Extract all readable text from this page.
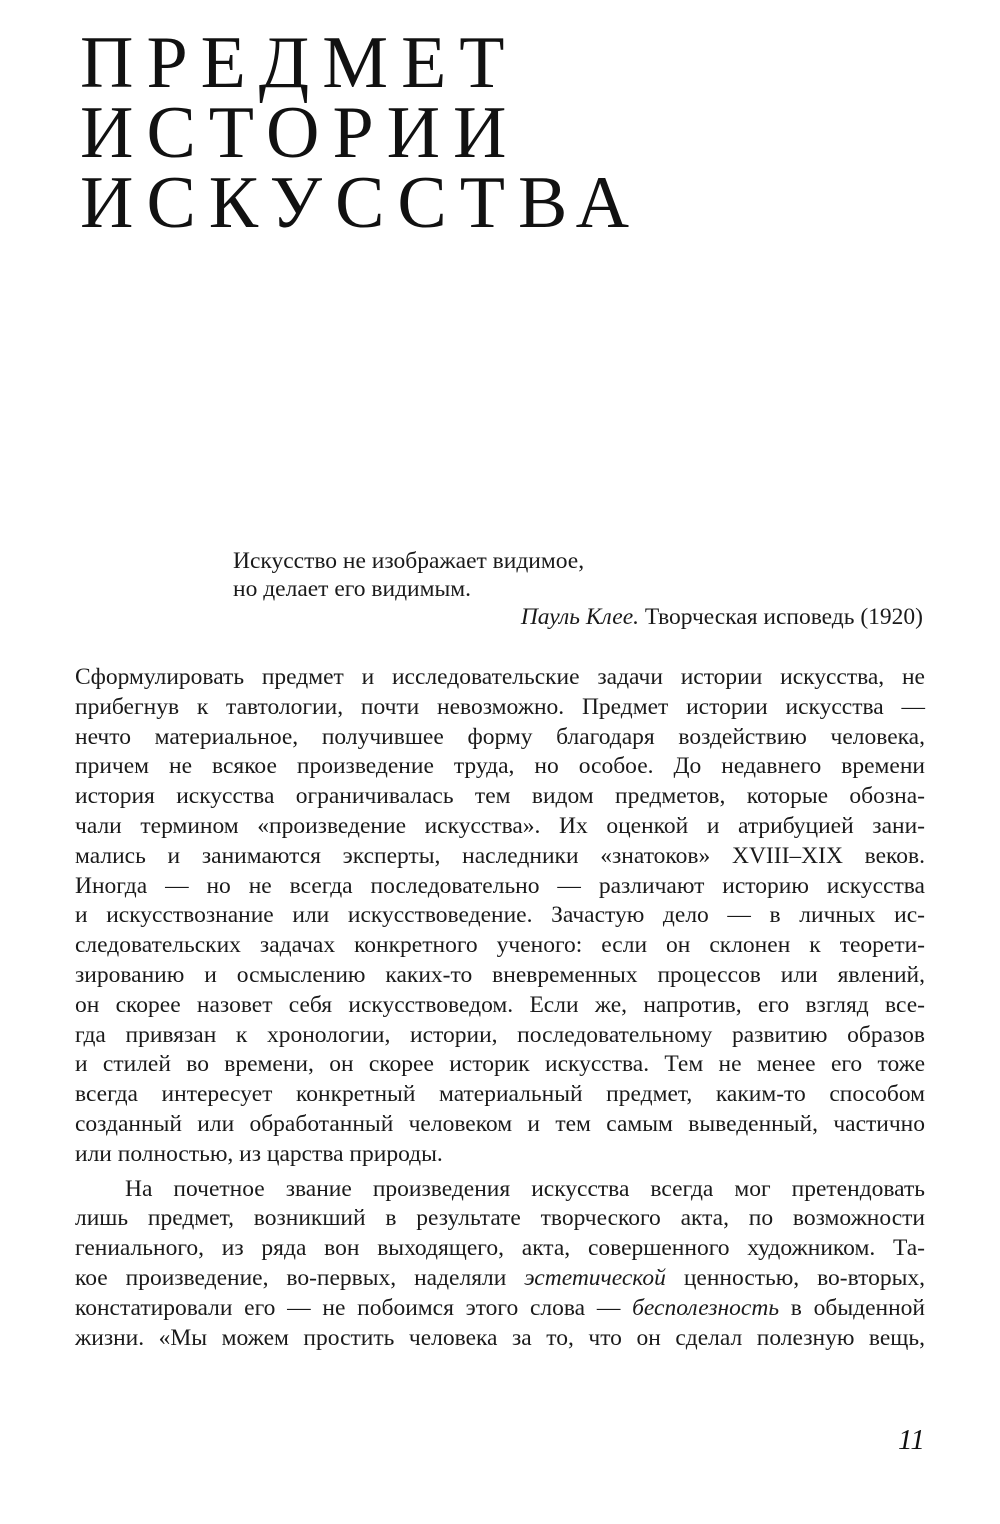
ПРЕДМЕТ
ИСТОРИИ
ИСКУССТВА
Искусство не изображает видимое,
но делает его видимым.
Пауль Клее. Творческая исповедь (1920)

Сформулировать предмет и исследовательские задачи истории искусства, не
прибегнув к тавтологии, почти невозможно. Предмет истории искусства —
нечто материальное, получившее форму благодаря воздействию человека,
причем не всякое произведение труда, но особое. До недавнего времени
история искусства ограничивалась тем видом предметов, которые обозна-
чали термином «произведение искусства». Их оценкой и атрибуцией зани-
мались и занимаются эксперты, наследники «знатоков» XVIII–XIX веков.
Иногда — но не всегда последовательно — различают историю искусства
и искусствознание или искусствоведение. Зачастую дело — в личных ис-
следовательских задачах конкретного ученого: если он склонен к теорети-
зированию и осмыслению каких-то вневременных процессов или явлений,
он скорее назовет себя искусствоведом. Если же, напротив, его взгляд все-
гда привязан к хронологии, истории, последовательному развитию образов
и стилей во времени, он скорее историк искусства. Тем не менее его тоже
всегда интересует конкретный материальный предмет, каким-то способом
созданный или обработанный человеком и тем самым выведенный, частично
или полностью, из царства природы.

На почетное звание произведения искусства всегда мог претендовать
лишь предмет, возникший в результате творческого акта, по возможности
гениального, из ряда вон выходящего, акта, совершенного художником. Та-
кое произведение, во-первых, наделяли эстетической ценностью, во-вторых,
констатировали его — не побоимся этого слова — бесполезность в обыденной
жизни. «Мы можем простить человека за то, что он сделал полезную вещь,

11
